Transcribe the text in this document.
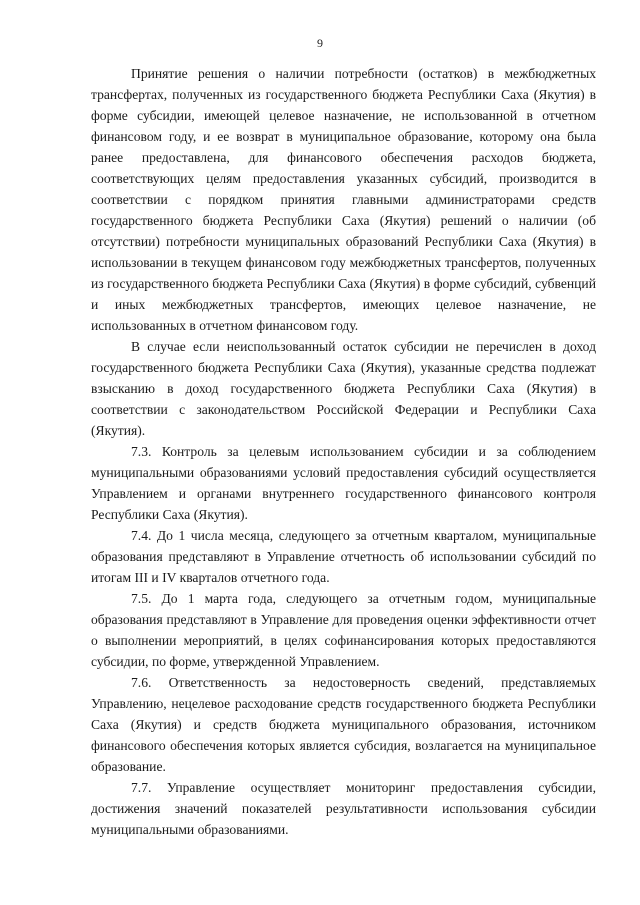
9

Принятие решения о наличии потребности (остатков) в межбюджетных трансфертах, полученных из государственного бюджета Республики Саха (Якутия) в форме субсидии, имеющей целевое назначение, не использованной в отчетном финансовом году, и ее возврат в муниципальное образование, которому она была ранее предоставлена, для финансового обеспечения расходов бюджета, соответствующих целям предоставления указанных субсидий, производится в соответствии с порядком принятия главными администраторами средств государственного бюджета Республики Саха (Якутия) решений о наличии (об отсутствии) потребности муниципальных образований Республики Саха (Якутия) в использовании в текущем финансовом году межбюджетных трансфертов, полученных из государственного бюджета Республики Саха (Якутия) в форме субсидий, субвенций и иных межбюджетных трансфертов, имеющих целевое назначение, не использованных в отчетном финансовом году.

В случае если неиспользованный остаток субсидии не перечислен в доход государственного бюджета Республики Саха (Якутия), указанные средства подлежат взысканию в доход государственного бюджета Республики Саха (Якутия) в соответствии с законодательством Российской Федерации и Республики Саха (Якутия).

7.3. Контроль за целевым использованием субсидии и за соблюдением муниципальными образованиями условий предоставления субсидий осуществляется Управлением и органами внутреннего государственного финансового контроля Республики Саха (Якутия).

7.4. До 1 числа месяца, следующего за отчетным кварталом, муниципальные образования представляют в Управление отчетность об использовании субсидий по итогам III и IV кварталов отчетного года.

7.5. До 1 марта года, следующего за отчетным годом, муниципальные образования представляют в Управление для проведения оценки эффективности отчет о выполнении мероприятий, в целях софинансирования которых предоставляются субсидии, по форме, утвержденной Управлением.

7.6. Ответственность за недостоверность сведений, представляемых Управлению, нецелевое расходование средств государственного бюджета Республики Саха (Якутия) и средств бюджета муниципального образования, источником финансового обеспечения которых является субсидия, возлагается на муниципальное образование.

7.7. Управление осуществляет мониторинг предоставления субсидии, достижения значений показателей результативности использования субсидии муниципальными образованиями.
